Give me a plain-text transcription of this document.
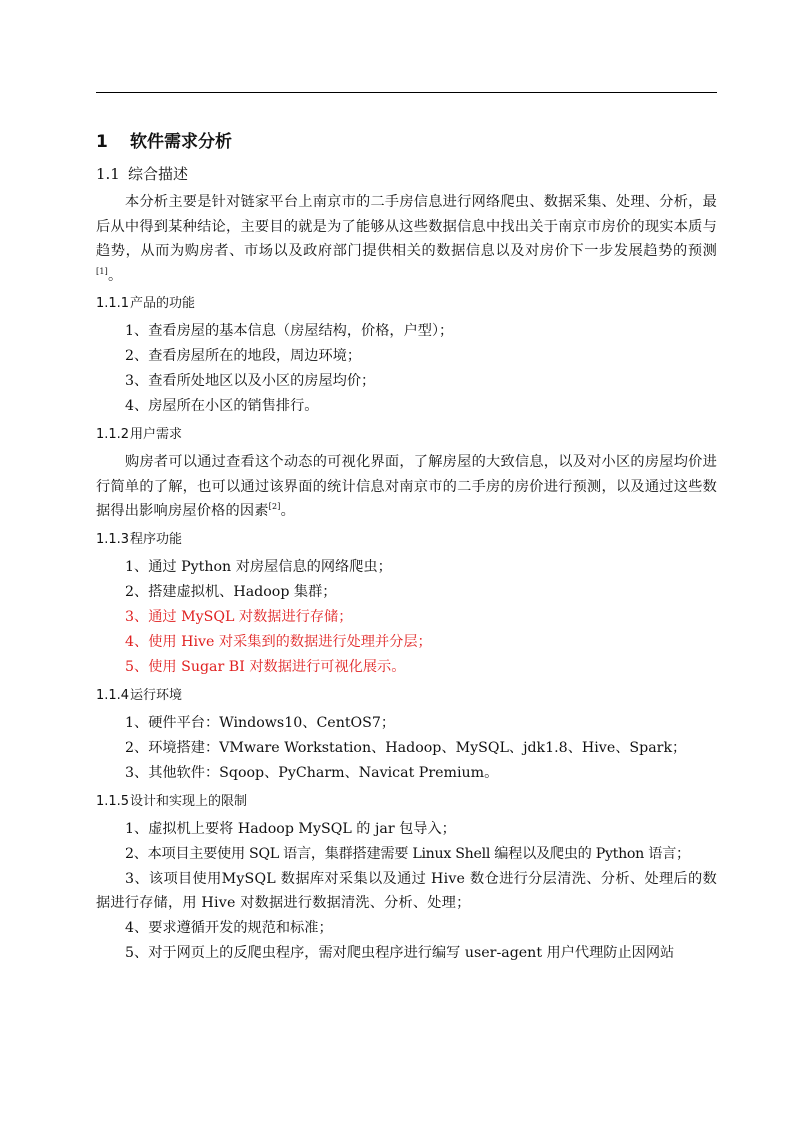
1 软件需求分析
1.1 综合描述

本分析主要是针对链家平台上南京市的二手房信息进行网络爬虫、数据采集、处理、分析，最后从中得到某种结论，主要目的就是为了能够从这些数据信息中找出关于南京市房价的现实本质与趋势，从而为购房者、市场以及政府部门提供相关的数据信息以及对房价下一步发展趋势的预测[1]。

1.1.1产品的功能
1、查看房屋的基本信息（房屋结构，价格，户型）；
2、查看房屋所在的地段，周边环境；
3、查看所处地区以及小区的房屋均价；
4、房屋所在小区的销售排行。
1.1.2用户需求

购房者可以通过查看这个动态的可视化界面，了解房屋的大致信息，以及对小区的房屋均价进行简单的了解，也可以通过该界面的统计信息对南京市的二手房的房价进行预测，以及通过这些数据得出影响房屋价格的因素[2]。

1.1.3程序功能
1、通过 Python 对房屋信息的网络爬虫；
2、搭建虚拟机、Hadoop 集群；
3、通过 MySQL 对数据进行存储；
4、使用 Hive 对采集到的数据进行处理并分层；
5、使用 Sugar BI 对数据进行可视化展示。
1.1.4运行环境
1、硬件平台：Windows10、CentOS7；
2、环境搭建：VMware Workstation、Hadoop、MySQL、jdk1.8、Hive、Spark；
3、其他软件：Sqoop、PyCharm、Navicat Premium。
1.1.5设计和实现上的限制
1、虚拟机上要将 Hadoop MySQL 的 jar 包导入；
2、本项目主要使用 SQL 语言，集群搭建需要 Linux Shell 编程以及爬虫的 Python 语言；

3、该项目使用MySQL 数据库对采集以及通过 Hive 数仓进行分层清洗、分析、处理后的数据进行存储，用 Hive 对数据进行数据清洗、分析、处理；

4、要求遵循开发的规范和标准；
5、对于网页上的反爬虫程序，需对爬虫程序进行编写 user-agent 用户代理防止因网站
